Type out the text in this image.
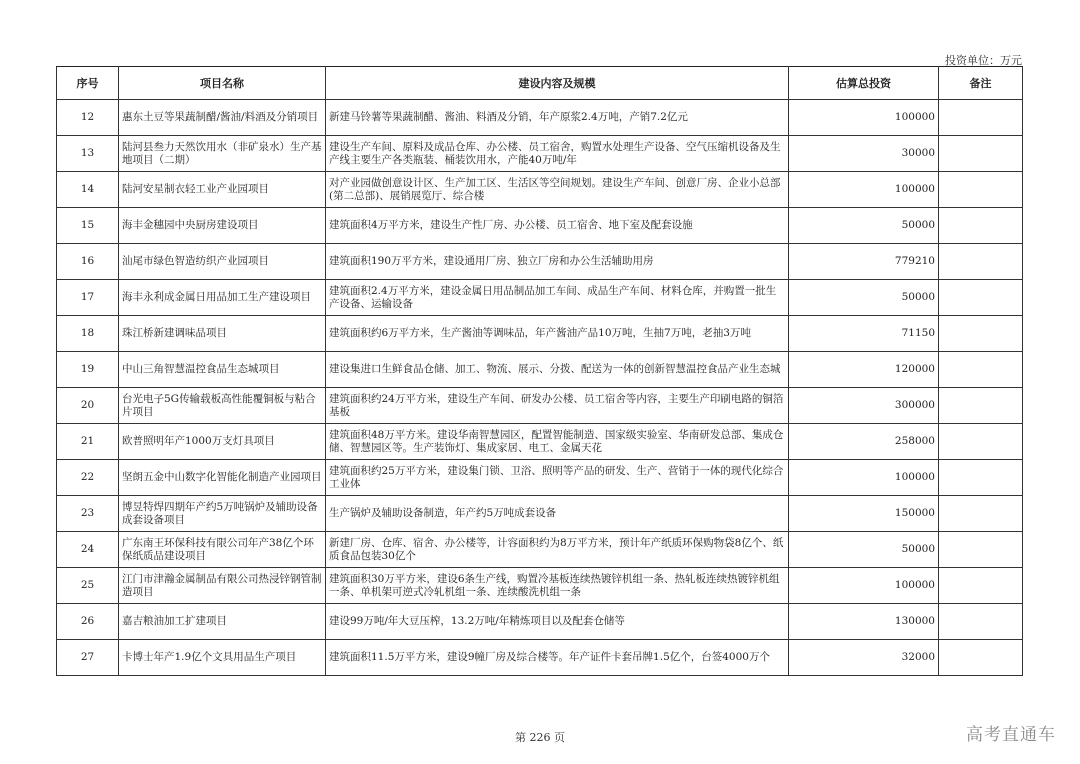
投资单位：万元
序号	项目名称	建设内容及规模	估算总投资	备注
12	惠东土豆等果蔬制醋/酱油/料酒及分销项目	新建马铃薯等果蔬制醋、酱油、料酒及分销，年产原浆2.4万吨，产销7.2亿元	100000	
13	陆河县叁力天然饮用水（非矿泉水）生产基地项目（二期）	建设生产车间、原料及成品仓库、办公楼、员工宿舍，购置水处理生产设备、空气压缩机设备及生产线主要生产各类瓶装、桶装饮用水，产能40万吨/年	30000	
14	陆河安星制衣轻工业产业园项目	对产业园做创意设计区、生产加工区、生活区等空间规划。建设生产车间、创意厂房、企业小总部(第二总部)、展销展览厅、综合楼	100000	
15	海丰金穗园中央厨房建设项目	建筑面积4万平方米，建设生产性厂房、办公楼、员工宿舍、地下室及配套设施	50000	
16	汕尾市绿色智造纺织产业园项目	建筑面积190万平方米，建设通用厂房、独立厂房和办公生活辅助用房	779210	
17	海丰永利成金属日用品加工生产建设项目	建筑面积2.4万平方米，建设金属日用品制品加工车间、成品生产车间、材料仓库，并购置一批生产设备、运输设备	50000	
18	珠江桥新建调味品项目	建筑面积约6万平方米，生产酱油等调味品，年产酱油产品10万吨，生抽7万吨，老抽3万吨	71150	
19	中山三角智慧温控食品生态城项目	建设集进口生鲜食品仓储、加工、物流、展示、分拨、配送为一体的创新智慧温控食品产业生态城	120000	
20	台光电子5G传输载板高性能覆铜板与粘合片项目	建筑面积约24万平方米，建设生产车间、研发办公楼、员工宿舍等内容，主要生产印刷电路的铜箔基板	300000	
21	欧普照明年产1000万支灯具项目	建筑面积48万平方米。建设华南智慧园区，配置智能制造、国家级实验室、华南研发总部、集成仓储、智慧园区等。生产装饰灯、集成家居、电工、金属天花	258000	
22	坚朗五金中山数字化智能化制造产业园项目	建筑面积约25万平方米，建设集门锁、卫浴、照明等产品的研发、生产、营销于一体的现代化综合工业体	100000	
23	博昱特焊四期年产约5万吨锅炉及辅助设备成套设备项目	生产锅炉及辅助设备制造，年产约5万吨成套设备	150000	
24	广东南王环保科技有限公司年产38亿个环保纸质品建设项目	新建厂房、仓库、宿舍、办公楼等，计容面积约为8万平方米，预计年产纸质环保购物袋8亿个、纸质食品包装30亿个	50000	
25	江门市津瀚金属制品有限公司热浸锌钢管制造项目	建筑面积30万平方米，建设6条生产线，购置冷基板连续热镀锌机组一条、热轧板连续热镀锌机组一条、单机架可逆式冷轧机组一条、连续酸洗机组一条	100000	
26	嘉吉粮油加工扩建项目	建设99万吨/年大豆压榨，13.2万吨/年精炼项目以及配套仓储等	130000	
27	卡博士年产1.9亿个文具用品生产项目	建筑面积11.5万平方米，建设9幢厂房及综合楼等。年产证件卡套吊牌1.5亿个，台签4000万个	32000	
第 226 页	高考直通车
